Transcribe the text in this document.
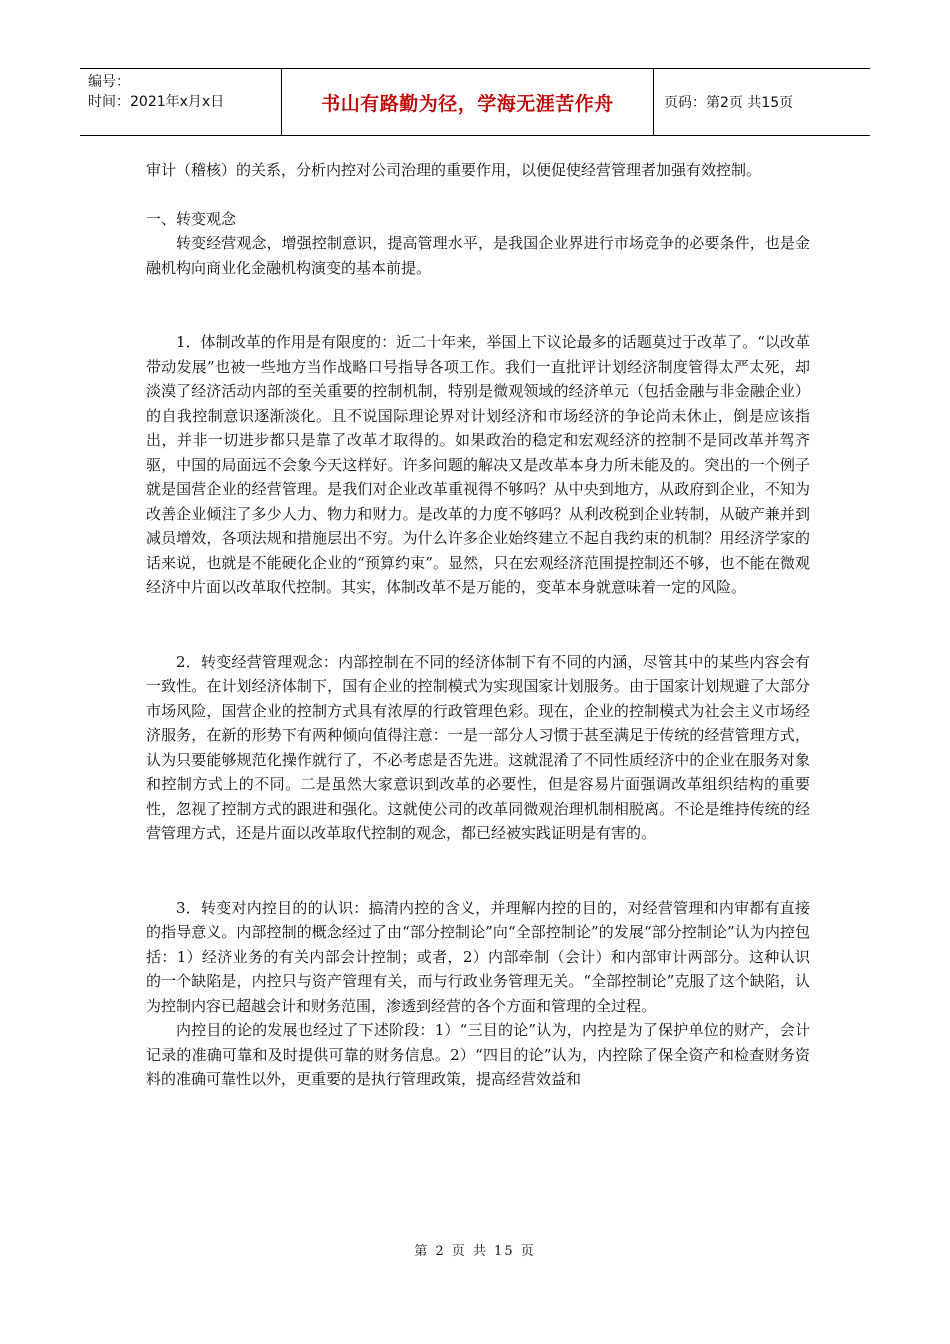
编号：
时间：2021年x月x日	书山有路勤为径，学海无涯苦作舟	页码：第2页 共15页

审计（稽核）的关系，分析内控对公司治理的重要作用，以便促使经营管理者加强有效控制。

一、转变观念

转变经营观念，增强控制意识，提高管理水平，是我国企业界进行市场竞争的必要条件，也是金融机构向商业化金融机构演变的基本前提。

1．体制改革的作用是有限度的：近二十年来，举国上下议论最多的话题莫过于改革了。“以改革带动发展”也被一些地方当作战略口号指导各项工作。我们一直批评计划经济制度管得太严太死，却淡漠了经济活动内部的至关重要的控制机制，特别是微观领域的经济单元（包括金融与非金融企业）的自我控制意识逐渐淡化。且不说国际理论界对计划经济和市场经济的争论尚未休止，倒是应该指出，并非一切进步都只是靠了改革才取得的。如果政治的稳定和宏观经济的控制不是同改革并驾齐驱，中国的局面远不会象今天这样好。许多问题的解决又是改革本身力所未能及的。突出的一个例子就是国营企业的经营管理。是我们对企业改革重视得不够吗？从中央到地方，从政府到企业，不知为改善企业倾注了多少人力、物力和财力。是改革的力度不够吗？从利改税到企业转制，从破产兼并到减员增效，各项法规和措施层出不穷。为什么许多企业始终建立不起自我约束的机制？用经济学家的话来说，也就是不能硬化企业的“预算约束”。显然，只在宏观经济范围提控制还不够，也不能在微观经济中片面以改革取代控制。其实，体制改革不是万能的，变革本身就意味着一定的风险。

2．转变经营管理观念：内部控制在不同的经济体制下有不同的内涵，尽管其中的某些内容会有一致性。在计划经济体制下，国有企业的控制模式为实现国家计划服务。由于国家计划规避了大部分市场风险，国营企业的控制方式具有浓厚的行政管理色彩。现在，企业的控制模式为社会主义市场经济服务，在新的形势下有两种倾向值得注意：一是一部分人习惯于甚至满足于传统的经营管理方式，认为只要能够规范化操作就行了，不必考虑是否先进。这就混淆了不同性质经济中的企业在服务对象和控制方式上的不同。二是虽然大家意识到改革的必要性，但是容易片面强调改革组织结构的重要性，忽视了控制方式的跟进和强化。这就使公司的改革同微观治理机制相脱离。不论是维持传统的经营管理方式，还是片面以改革取代控制的观念，都已经被实践证明是有害的。

3．转变对内控目的的认识：搞清内控的含义，并理解内控的目的，对经营管理和内审都有直接的指导意义。内部控制的概念经过了由“部分控制论”向“全部控制论”的发展“部分控制论”认为内控包括：1）经济业务的有关内部会计控制；或者，2）内部牵制（会计）和内部审计两部分。这种认识的一个缺陷是，内控只与资产管理有关，而与行政业务管理无关。“全部控制论”克服了这个缺陷，认为控制内容已超越会计和财务范围，渗透到经营的各个方面和管理的全过程。

内控目的论的发展也经过了下述阶段：1）“三目的论”认为，内控是为了保护单位的财产，会计记录的准确可靠和及时提供可靠的财务信息。2）“四目的论”认为，内控除了保全资产和检查财务资料的准确可靠性以外，更重要的是执行管理政策，提高经营效益和

第 2 页 共 15 页
